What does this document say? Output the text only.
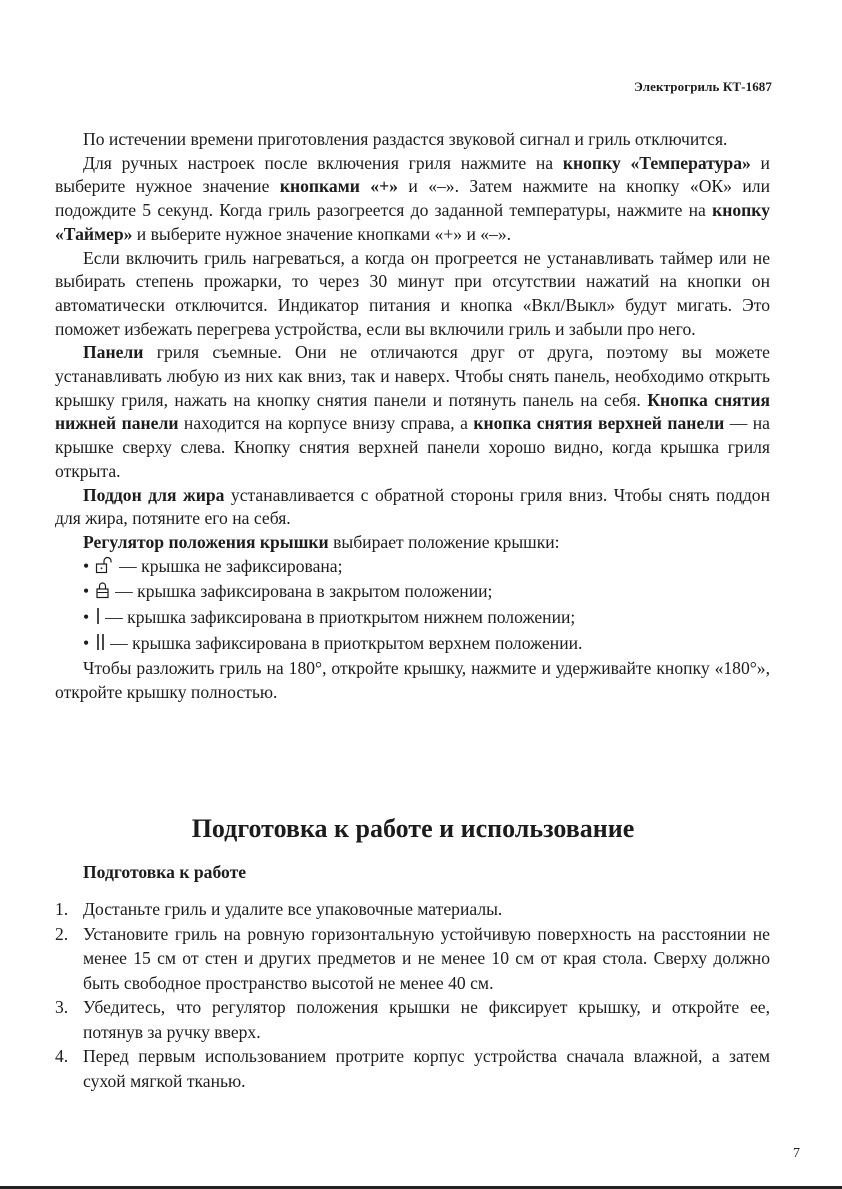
Электрогриль КТ-1687

По истечении времени приготовления раздастся звуковой сигнал и гриль отключится.

Для ручных настроек после включения гриля нажмите на кнопку «Температура» и выберите нужное значение кнопками «+» и «–». Затем нажмите на кнопку «ОК» или подождите 5 секунд. Когда гриль разогреется до заданной температуры, нажмите на кнопку «Таймер» и выберите нужное значение кнопками «+» и «–».

Если включить гриль нагреваться, а когда он прогреется не устанавливать таймер или не выбирать степень прожарки, то через 30 минут при отсутствии нажатий на кнопки он автоматически отключится. Индикатор питания и кнопка «Вкл/Выкл» будут мигать. Это поможет избежать перегрева устройства, если вы включили гриль и забыли про него.

Панели гриля съемные. Они не отличаются друг от друга, поэтому вы можете устанавливать любую из них как вниз, так и наверх. Чтобы снять панель, необходимо открыть крышку гриля, нажать на кнопку снятия панели и потянуть панель на себя. Кнопка снятия нижней панели находится на корпусе внизу справа, а кнопка снятия верхней панели — на крышке сверху слева. Кнопку снятия верхней панели хорошо видно, когда крышка гриля открыта.

Поддон для жира устанавливается с обратной стороны гриля вниз. Чтобы снять поддон для жира, потяните его на себя.

Регулятор положения крышки выбирает положение крышки:

• — крышка не зафиксирована;
• — крышка зафиксирована в закрытом положении;
• — крышка зафиксирована в приоткрытом нижнем положении;
• — крышка зафиксирована в приоткрытом верхнем положении.

Чтобы разложить гриль на 180°, откройте крышку, нажмите и удерживайте кнопку «180°», откройте крышку полностью.

Подготовка к работе и использование
Подготовка к работе
1. Достаньте гриль и удалите все упаковочные материалы.
2. Установите гриль на ровную горизонтальную устойчивую поверхность на расстоянии не менее 15 см от стен и других предметов и не менее 10 см от края стола. Сверху должно быть свободное пространство высотой не менее 40 см.
3. Убедитесь, что регулятор положения крышки не фиксирует крышку, и откройте ее, потянув за ручку вверх.
4. Перед первым использованием протрите корпус устройства сначала влажной, а затем сухой мягкой тканью.
7
